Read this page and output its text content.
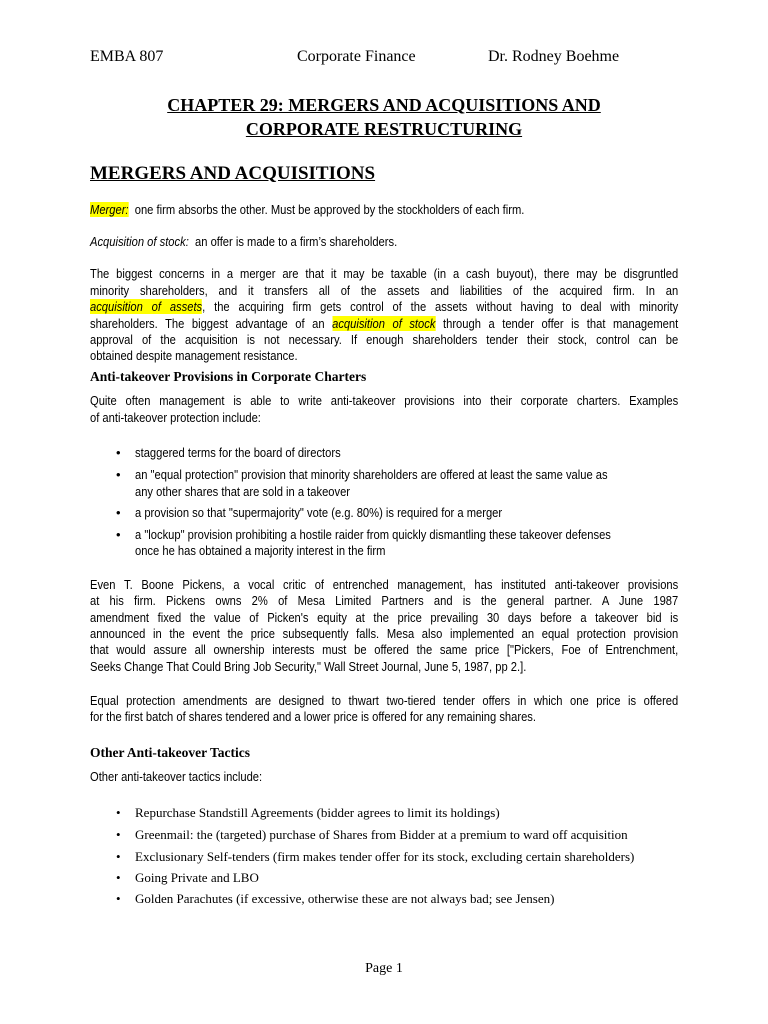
EMBA 807	Corporate Finance	Dr. Rodney Boehme
CHAPTER 29: MERGERS AND ACQUISITIONS AND
CORPORATE RESTRUCTURING
MERGERS AND ACQUISITIONS
Merger: one firm absorbs the other. Must be approved by the stockholders of each firm.
Acquisition of stock: an offer is made to a firm’s shareholders.
The biggest concerns in a merger are that it may be taxable (in a cash buyout), there may be disgruntled
minority shareholders, and it transfers all of the assets and liabilities of the acquired firm. In an
acquisition of assets, the acquiring firm gets control of the assets without having to deal with minority
shareholders. The biggest advantage of an acquisition of stock through a tender offer is that management
approval of the acquisition is not necessary. If enough shareholders tender their stock, control can be
obtained despite management resistance.
Anti-takeover Provisions in Corporate Charters
Quite often management is able to write anti-takeover provisions into their corporate charters. Examples
of anti-takeover protection include:
•
staggered terms for the board of directors
•
an "equal protection" provision that minority shareholders are offered at least the same value as
any other shares that are sold in a takeover
•
a provision so that "supermajority" vote (e.g. 80%) is required for a merger
•
a "lockup" provision prohibiting a hostile raider from quickly dismantling these takeover defenses
once he has obtained a majority interest in the firm
Even T. Boone Pickens, a vocal critic of entrenched management, has instituted anti-takeover provisions
at his firm. Pickens owns 2% of Mesa Limited Partners and is the general partner. A June 1987
amendment fixed the value of Picken's equity at the price prevailing 30 days before a takeover bid is
announced in the event the price subsequently falls. Mesa also implemented an equal protection provision
that would assure all ownership interests must be offered the same price ["Pickers, Foe of Entrenchment,
Seeks Change That Could Bring Job Security," Wall Street Journal, June 5, 1987, pp 2.].
Equal protection amendments are designed to thwart two-tiered tender offers in which one price is offered
for the first batch of shares tendered and a lower price is offered for any remaining shares.
Other Anti-takeover Tactics
Other anti-takeover tactics include:
•
Repurchase Standstill Agreements (bidder agrees to limit its holdings)
•
Greenmail: the (targeted) purchase of Shares from Bidder at a premium to ward off acquisition
•
Exclusionary Self-tenders (firm makes tender offer for its stock, excluding certain shareholders)
•
Going Private and LBO
•
Golden Parachutes (if excessive, otherwise these are not always bad; see Jensen)
Page 1
